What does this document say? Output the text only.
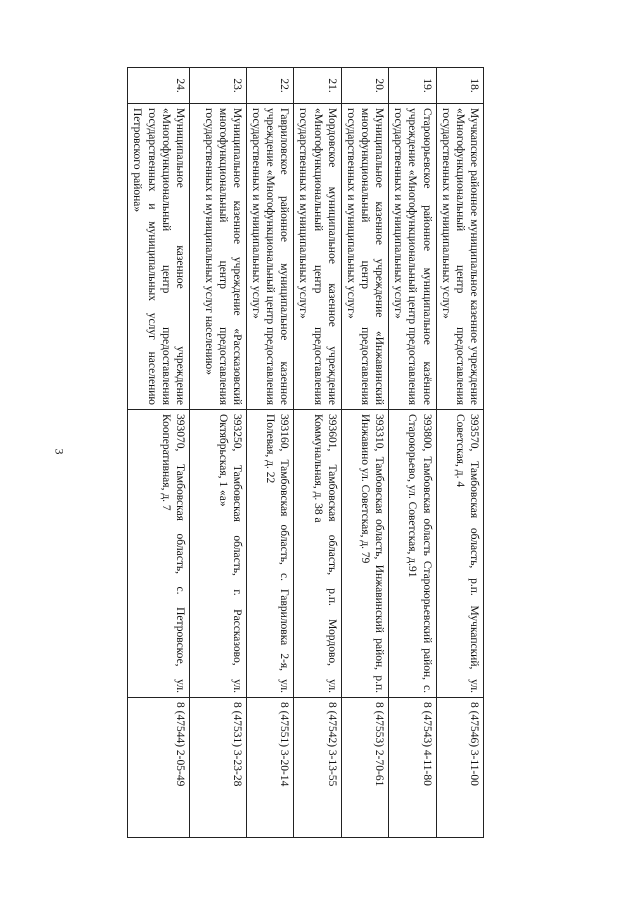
3
18.	Мучкапское районное муниципальное казенное учреждение «Многофункциональный центр предоставления государственных и муниципальных услуг»	393570, Тамбовская область, р.п. Мучкапский, ул. Советская, д. 4	8 (47546) 3-11-00
19.	Староюрьевское районное муниципальное казённое учреждение «Многофункциональный центр предоставления государственных и муниципальных услуг»	393800, Тамбовская область Староюрьевский район, с. Староюрьево, ул. Советская, д.91	8 (47543) 4-11-80
20.	Муниципальное казенное учреждение «Инжавинский многофункциональный центр предоставления государственных и муниципальных услуг»	393310, Тамбовская область, Инжавинский район, р.п. Инжавино ул. Советская, д. 79	8 (47553) 2-70-61
21.	Мордовское муниципальное казенное учреждение «Многофункциональный центр предоставления государственных и муниципальных услуг»	393601, Тамбовская область, р.п. Мордово, ул. Коммунальная, д. 38 а	8 (47542) 3-13-55
22.	Гавриловское районное муниципальное казенное учреждение «Многофункциональный центр предоставления государственных и муниципальных услуг»	393160, Тамбовская область, с. Гавриловка 2-я, ул. Полевая, д. 22	8 (47551) 3-20-14
23.	Муниципальное казенное учреждение «Рассказовский многофункциональный центр предоставления государственных и муниципальных услуг населению»	393250, Тамбовская область, г. Рассказово, ул. Октябрьская, 1 «а»	8 (47531) 3-23-28
24.	Муниципальное казенное учреждение «Многофункциональный центр предоставления государственных и муниципальных услуг населению Петровского района»	393070, Тамбовская область, с. Петровское, ул. Кооперативная, д. 7	8 (47544) 2-05-49
